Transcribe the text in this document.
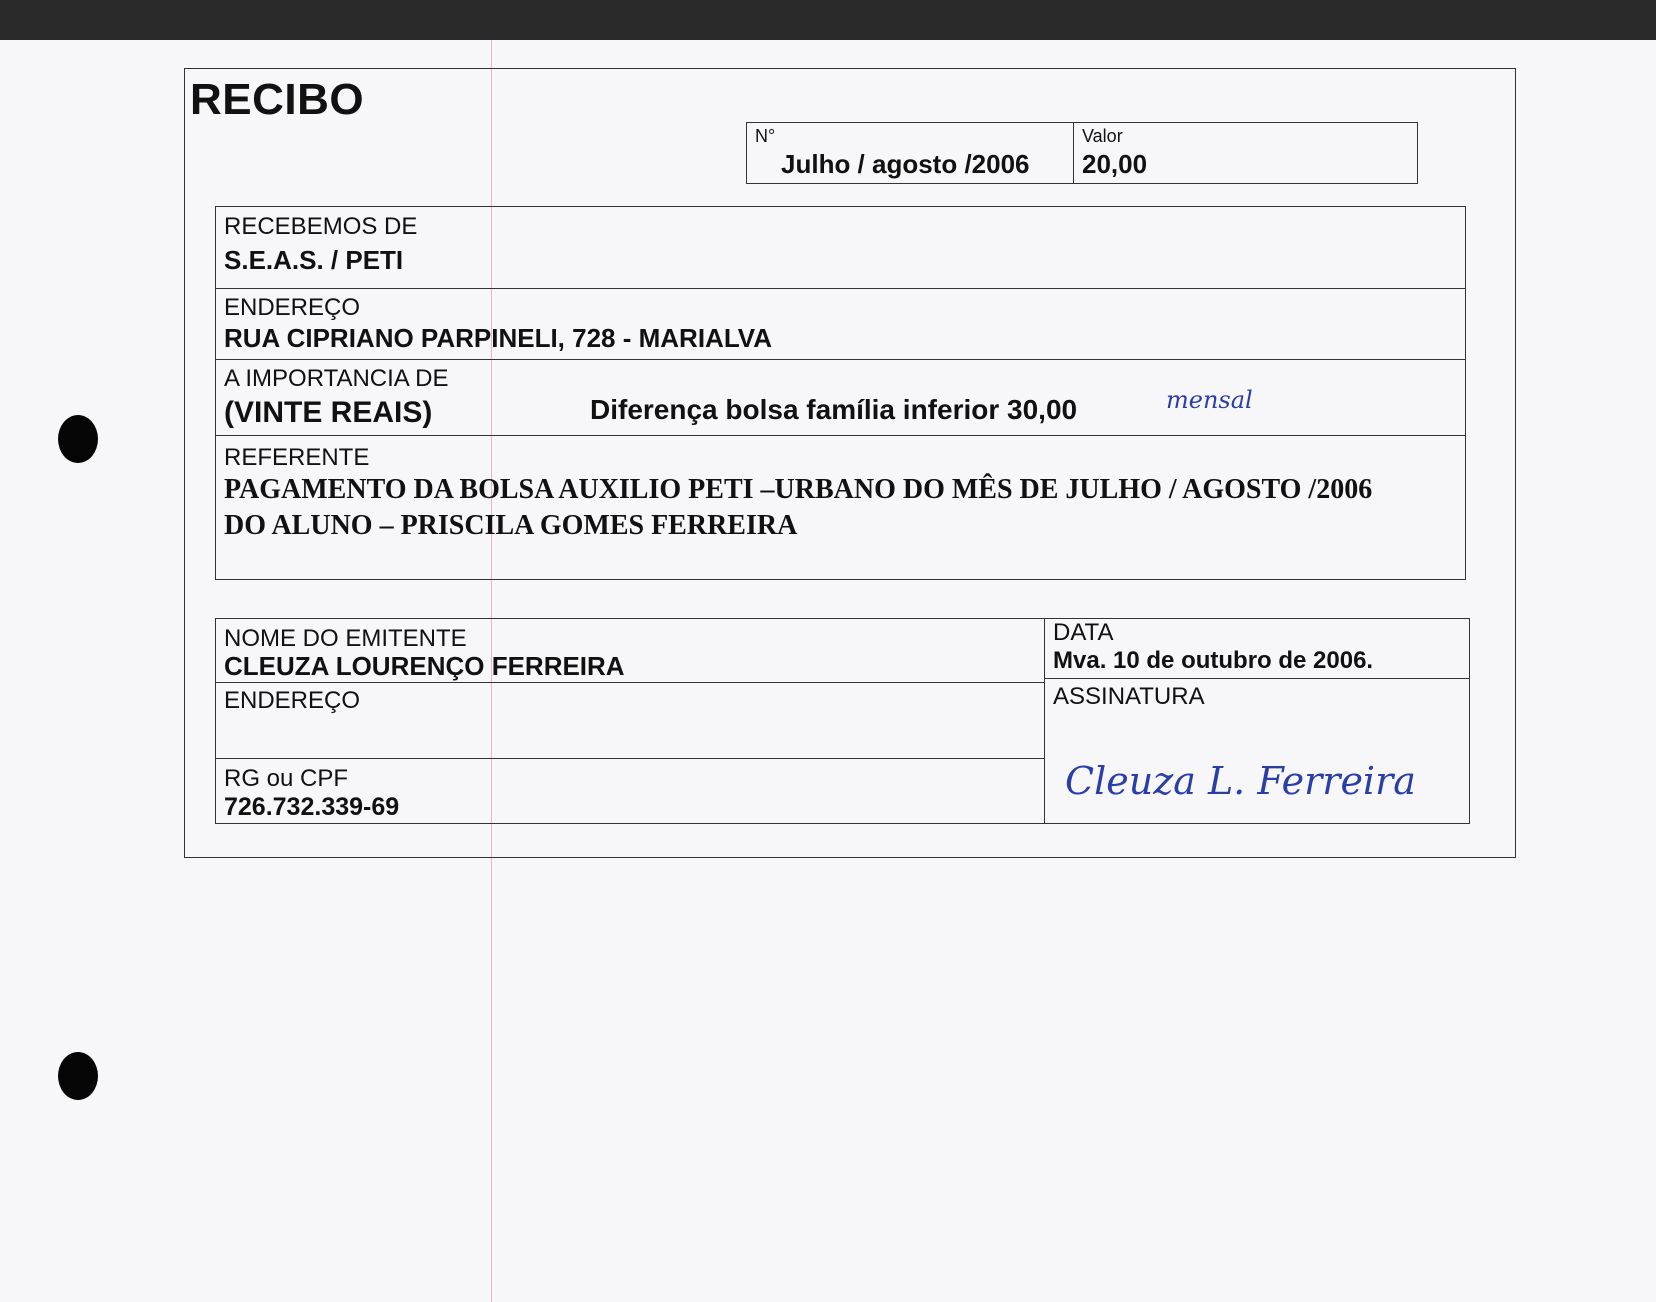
RECIBO
N°
Julho / agosto /2006
Valor
20,00
RECEBEMOS DE
S.E.A.S. / PETI
ENDEREÇO
RUA CIPRIANO PARPINELI, 728 - MARIALVA
A IMPORTANCIA DE
(VINTE REAIS)	Diferença bolsa família inferior 30,00	mensal
REFERENTE
PAGAMENTO DA BOLSA AUXILIO PETI –URBANO DO MÊS DE JULHO / AGOSTO /2006
DO ALUNO – PRISCILA GOMES FERREIRA
NOME DO EMITENTE
CLEUZA LOURENÇO FERREIRA
ENDEREÇO
RG ou CPF
726.732.339-69
DATA
Mva. 10 de outubro de 2006.
ASSINATURA
Cleuza L. Ferreira
